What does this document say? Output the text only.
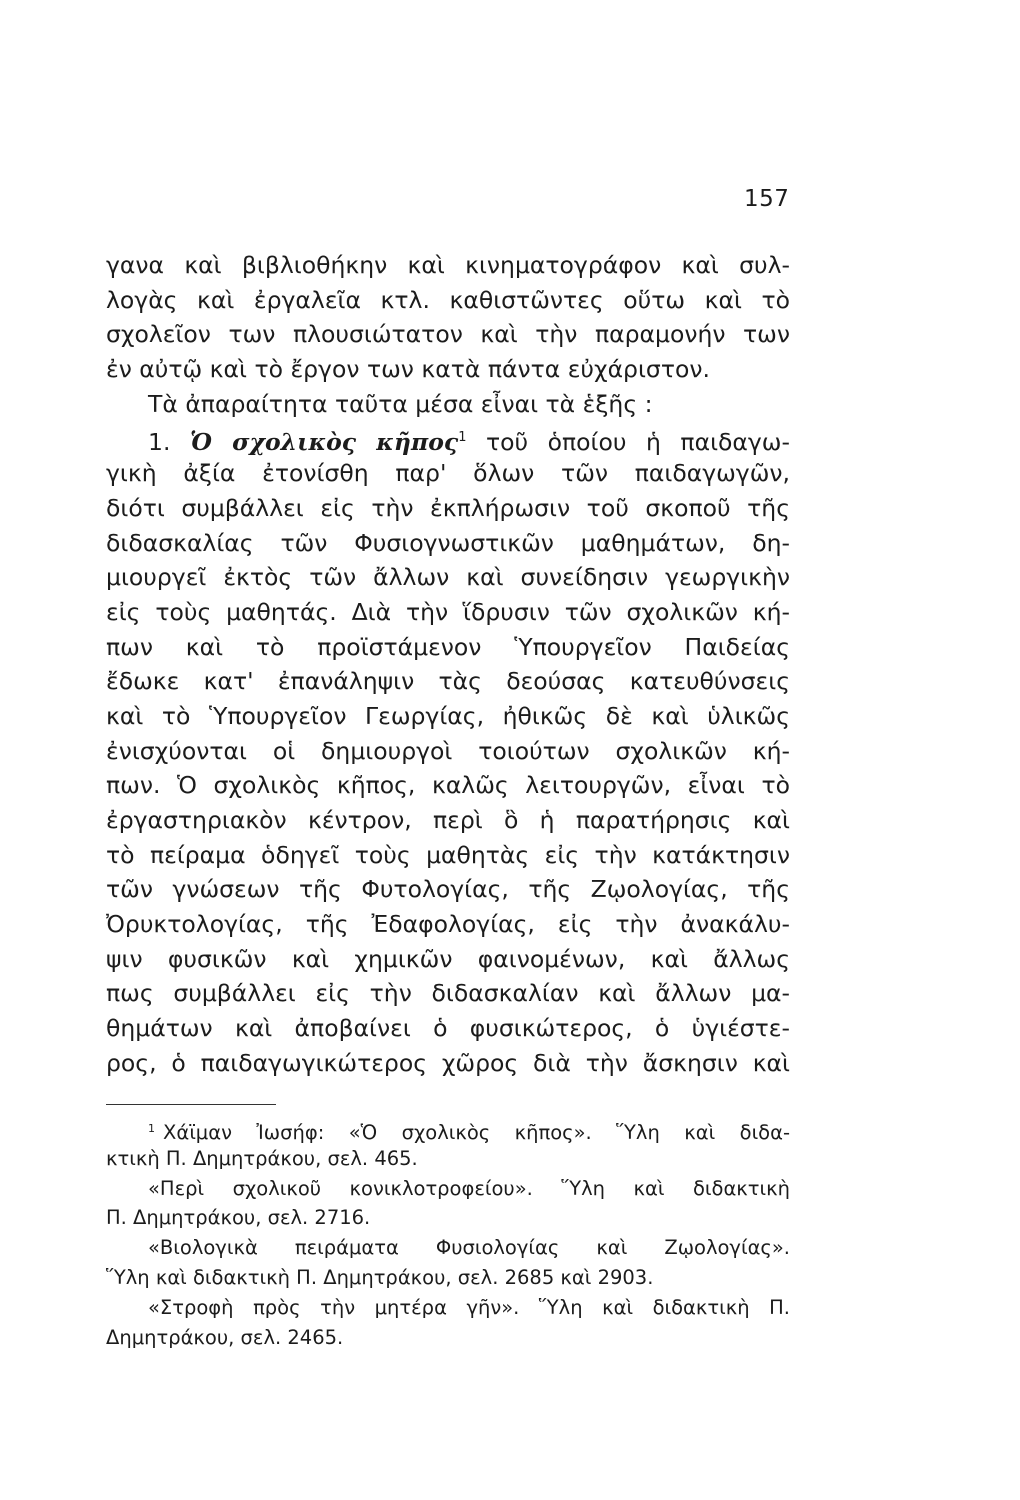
157
γανα καὶ βιβλιοθήκην καὶ κινηματογράφον καὶ συλ-
λογὰς καὶ ἐργαλεῖα κτλ. καθιστῶντες οὕτω καὶ τὸ
σχολεῖον των πλουσιώτατον καὶ τὴν παραμονήν των
ἐν αὐτῷ καὶ τὸ ἔργον των κατὰ πάντα εὐχάριστον.
Τὰ ἀπαραίτητα ταῦτα μέσα εἶναι τὰ ἑξῆς :
1. Ὁ σχολικὸς κῆπος$^1$ τοῦ ὁποίου ἡ παιδαγω-
γικὴ ἀξία ἐτονίσθη παρ' ὅλων τῶν παιδαγωγῶν,
διότι συμβάλλει εἰς τὴν ἐκπλήρωσιν τοῦ σκοποῦ τῆς
διδασκαλίας τῶν Φυσιογνωστικῶν μαθημάτων, δη-
μιουργεῖ ἐκτὸς τῶν ἄλλων καὶ συνείδησιν γεωργικὴν
εἰς τοὺς μαθητάς. Διὰ τὴν ἵδρυσιν τῶν σχολικῶν κή-
πων καὶ τὸ προϊστάμενον Ὑπουργεῖον Παιδείας
ἔδωκε κατ' ἐπανάληψιν τὰς δεούσας κατευθύνσεις
καὶ τὸ Ὑπουργεῖον Γεωργίας, ἠθικῶς δὲ καὶ ὑλικῶς
ἐνισχύονται οἱ δημιουργοὶ τοιούτων σχολικῶν κή-
πων. Ὁ σχολικὸς κῆπος, καλῶς λειτουργῶν, εἶναι τὸ
ἐργαστηριακὸν κέντρον, περὶ ὃ ἡ παρατήρησις καὶ
τὸ πείραμα ὁδηγεῖ τοὺς μαθητὰς εἰς τὴν κατάκτησιν
τῶν γνώσεων τῆς Φυτολογίας, τῆς Ζῳολογίας, τῆς
Ὀρυκτολογίας, τῆς Ἐδαφολογίας, εἰς τὴν ἀνακάλυ-
ψιν φυσικῶν καὶ χημικῶν φαινομένων, καὶ ἄλλως
πως συμβάλλει εἰς τὴν διδασκαλίαν καὶ ἄλλων μα-
θημάτων καὶ ἀποβαίνει ὁ φυσικώτερος, ὁ ὑγιέστε-
ρος, ὁ παιδαγωγικώτερος χῶρος διὰ τὴν ἄσκησιν καὶ
$^1$ Χάϊμαν Ἰωσήφ: «Ὁ σχολικὸς κῆπος». Ὕλη καὶ διδα-
κτικὴ Π. Δημητράκου, σελ. 465.
«Περὶ σχολικοῦ κονικλοτροφείου». Ὕλη καὶ διδακτικὴ
Π. Δημητράκου, σελ. 2716.
«Βιολογικὰ πειράματα Φυσιολογίας καὶ Ζῳολογίας».
Ὕλη καὶ διδακτικὴ Π. Δημητράκου, σελ. 2685 καὶ 2903.
«Στροφὴ πρὸς τὴν μητέρα γῆν». Ὕλη καὶ διδακτικὴ Π.
Δημητράκου, σελ. 2465.
